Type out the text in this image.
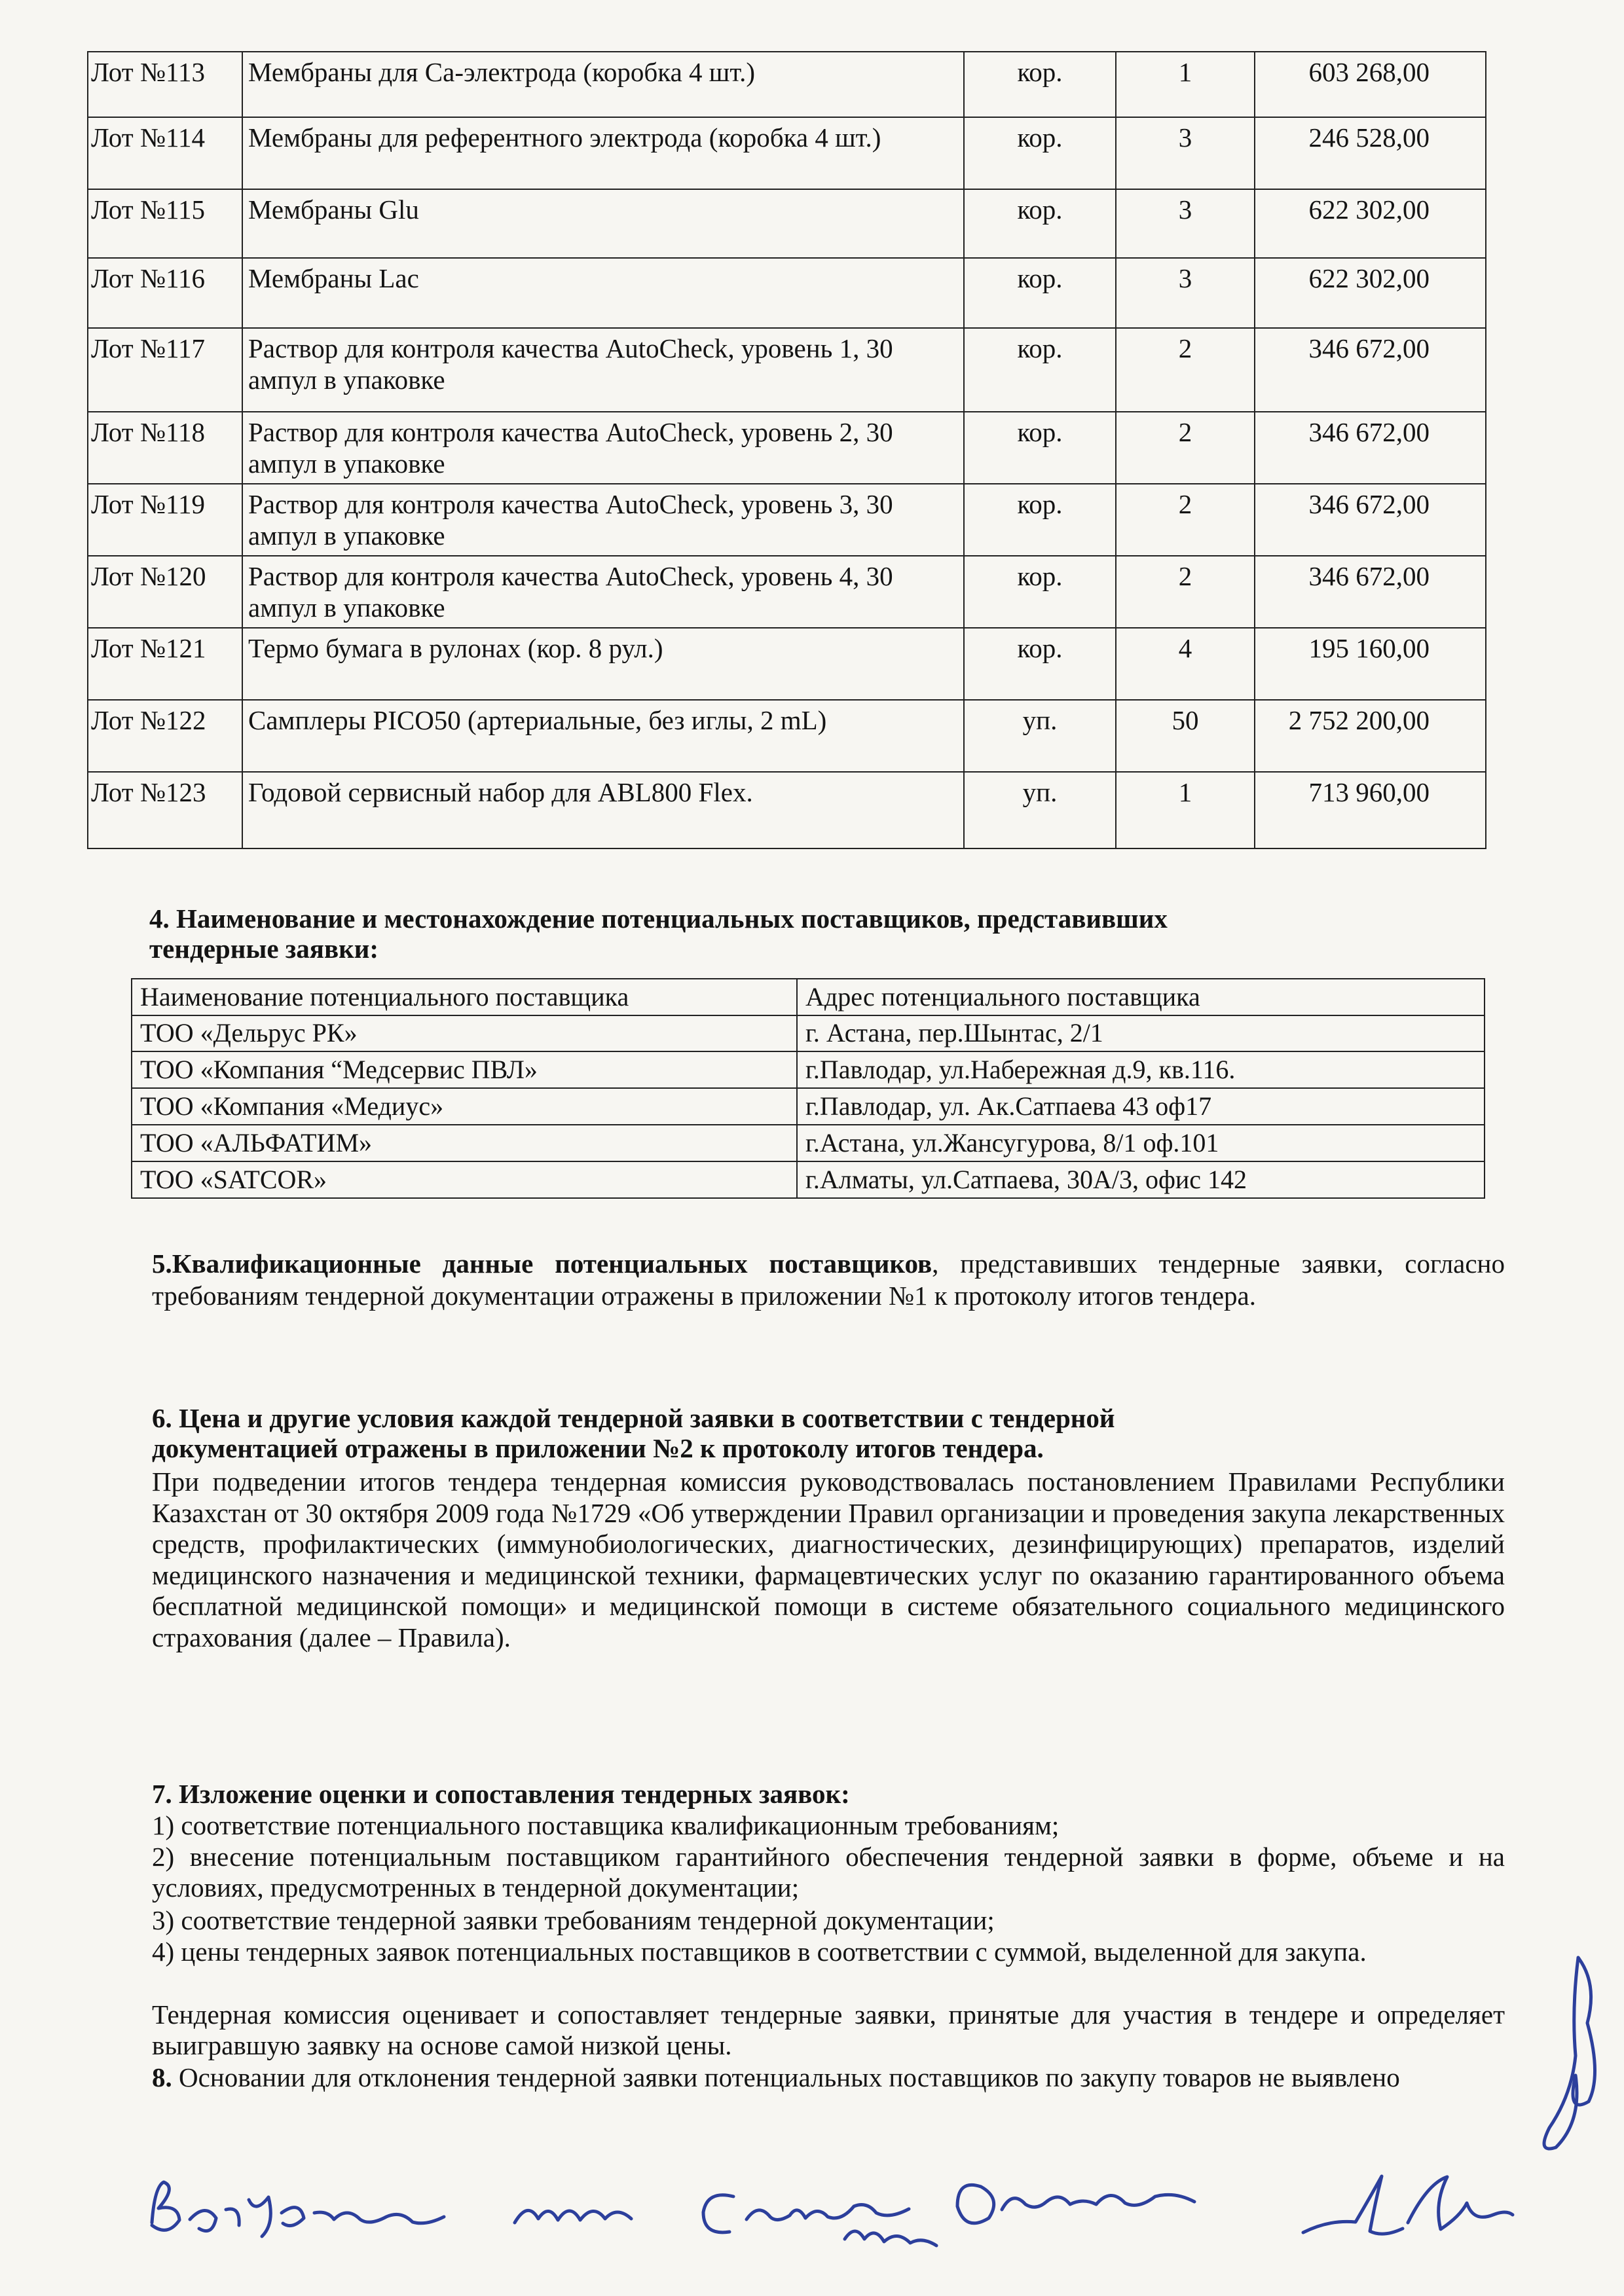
Лот №113	Мембраны для Са-электрода (коробка 4 шт.)	кор.	1	603 268,00
Лот №114	Мембраны для референтного электрода (коробка 4 шт.)	кор.	3	246 528,00
Лот №115	Мембраны Glu	кор.	3	622 302,00
Лот №116	Мембраны Lac	кор.	3	622 302,00
Лот №117	Раствор для контроля качества AutoCheck, уровень 1, 30 ампул в упаковке	кор.	2	346 672,00
Лот №118	Раствор для контроля качества AutoCheck, уровень 2, 30 ампул в упаковке	кор.	2	346 672,00
Лот №119	Раствор для контроля качества AutoCheck, уровень 3, 30 ампул в упаковке	кор.	2	346 672,00
Лот №120	Раствор для контроля качества AutoCheck, уровень 4, 30 ампул в упаковке	кор.	2	346 672,00
Лот №121	Термо бумага в рулонах (кор. 8 рул.)	кор.	4	195 160,00
Лот №122	Самплеры PICO50 (артериальные, без иглы, 2 mL)	уп.	50	2 752 200,00
Лот №123	Годовой сервисный набор для ABL800 Flex.	уп.	1	713 960,00
4. Наименование и местонахождение потенциальных поставщиков, представивших
тендерные заявки:
Наименование потенциального поставщика	Адрес потенциального поставщика
ТОО «Дельрус РК»	г. Астана, пер.Шынтас, 2/1
ТОО «Компания “Медсервис ПВЛ»	г.Павлодар, ул.Набережная д.9, кв.116.
ТОО «Компания «Медиус»	г.Павлодар, ул. Ак.Сатпаева 43 оф17
ТОО «АЛЬФАТИМ»	г.Астана, ул.Жансугурова, 8/1 оф.101
ТОО «SATCOR»	г.Алматы, ул.Сатпаева, 30А/3, офис 142
5.Квалификационные данные потенциальных поставщиков, представивших тендерные заявки, согласно требованиям тендерной документации отражены в приложении №1 к протоколу итогов тендера.
6. Цена и другие условия каждой тендерной заявки в соответствии с тендерной
документацией отражены в приложении №2 к протоколу итогов тендера.
При подведении итогов тендера тендерная комиссия руководствовалась постановлением Правилами Республики Казахстан от 30 октября 2009 года №1729 «Об утверждении Правил организации и проведения закупа лекарственных средств, профилактических (иммунобиологических, диагностических, дезинфицирующих) препаратов, изделий медицинского назначения и медицинской техники, фармацевтических услуг по оказанию гарантированного объема бесплатной медицинской помощи» и медицинской помощи в системе обязательного социального медицинского страхования (далее – Правила).
7. Изложение оценки и сопоставления тендерных заявок:
1) соответствие потенциального поставщика квалификационным требованиям;
2) внесение потенциальным поставщиком гарантийного обеспечения тендерной заявки в форме, объеме и на условиях, предусмотренных в тендерной документации;
3) соответствие тендерной заявки требованиям тендерной документации;
4) цены тендерных заявок потенциальных поставщиков в соответствии с суммой, выделенной для закупа.
Тендерная комиссия оценивает и сопоставляет тендерные заявки, принятые для участия в тендере и определяет выигравшую заявку на основе самой низкой цены.
8. Основании для отклонения тендерной заявки потенциальных поставщиков по закупу товаров не выявлено
